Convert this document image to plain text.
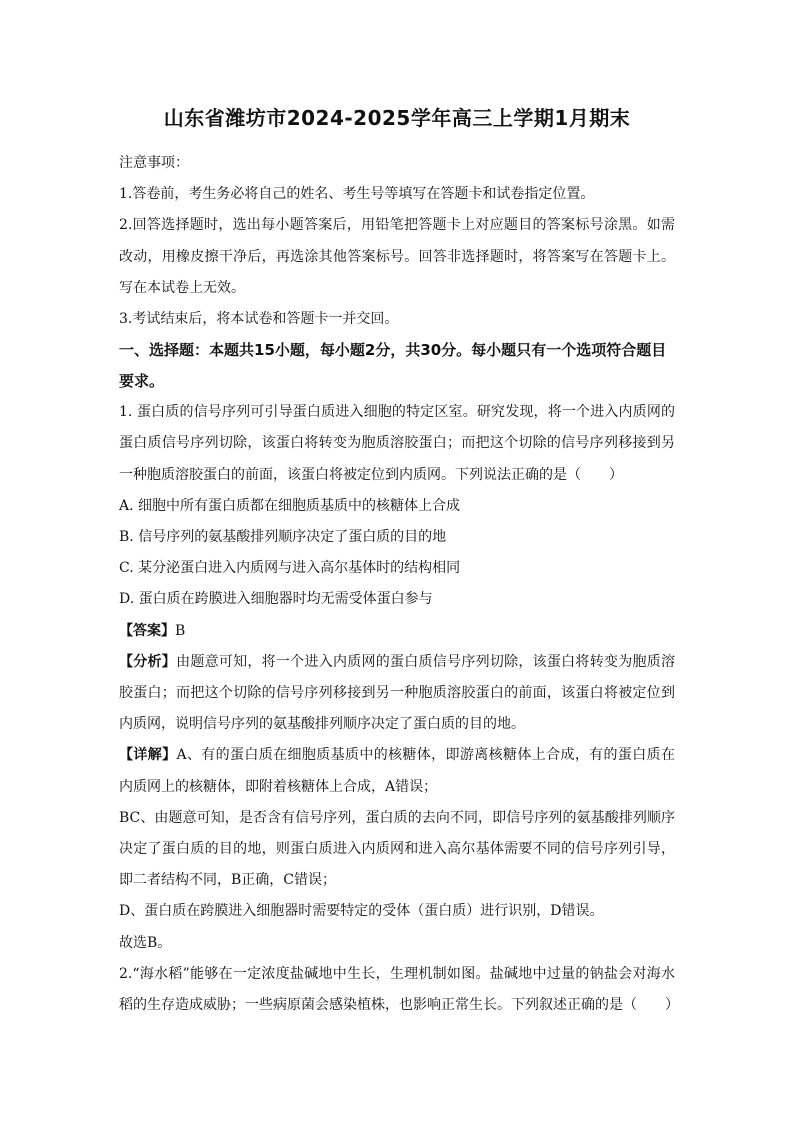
山东省潍坊市2024-2025学年高三上学期1月期末

注意事项：

1.答卷前，考生务必将自己的姓名、考生号等填写在答题卡和试卷指定位置。

2.回答选择题时，选出每小题答案后，用铅笔把答题卡上对应题目的答案标号涂黑。如需改动，用橡皮擦干净后，再选涂其他答案标号。回答非选择题时，将答案写在答题卡上。写在本试卷上无效。

3.考试结束后，将本试卷和答题卡一并交回。

一、选择题：本题共15小题，每小题2分，共30分。每小题只有一个选项符合题目要求。

1. 蛋白质的信号序列可引导蛋白质进入细胞的特定区室。研究发现，将一个进入内质网的蛋白质信号序列切除，该蛋白将转变为胞质溶胶蛋白；而把这个切除的信号序列移接到另一种胞质溶胶蛋白的前面，该蛋白将被定位到内质网。下列说法正确的是（　　）

A. 细胞中所有蛋白质都在细胞质基质中的核糖体上合成

B. 信号序列的氨基酸排列顺序决定了蛋白质的目的地

C. 某分泌蛋白进入内质网与进入高尔基体时的结构相同

D. 蛋白质在跨膜进入细胞器时均无需受体蛋白参与

【答案】B

【分析】由题意可知，将一个进入内质网的蛋白质信号序列切除，该蛋白将转变为胞质溶胶蛋白；而把这个切除的信号序列移接到另一种胞质溶胶蛋白的前面，该蛋白将被定位到内质网，说明信号序列的氨基酸排列顺序决定了蛋白质的目的地。

【详解】A、有的蛋白质在细胞质基质中的核糖体，即游离核糖体上合成，有的蛋白质在内质网上的核糖体，即附着核糖体上合成，A错误；

BC、由题意可知，是否含有信号序列，蛋白质的去向不同，即信号序列的氨基酸排列顺序决定了蛋白质的目的地，则蛋白质进入内质网和进入高尔基体需要不同的信号序列引导，即二者结构不同，B正确，C错误；

D、蛋白质在跨膜进入细胞器时需要特定的受体（蛋白质）进行识别，D错误。

故选B。

2.“海水稻”能够在一定浓度盐碱地中生长，生理机制如图。盐碱地中过量的钠盐会对海水稻的生存造成威胁；一些病原菌会感染植株，也影响正常生长。下列叙述正确的是（　　）
